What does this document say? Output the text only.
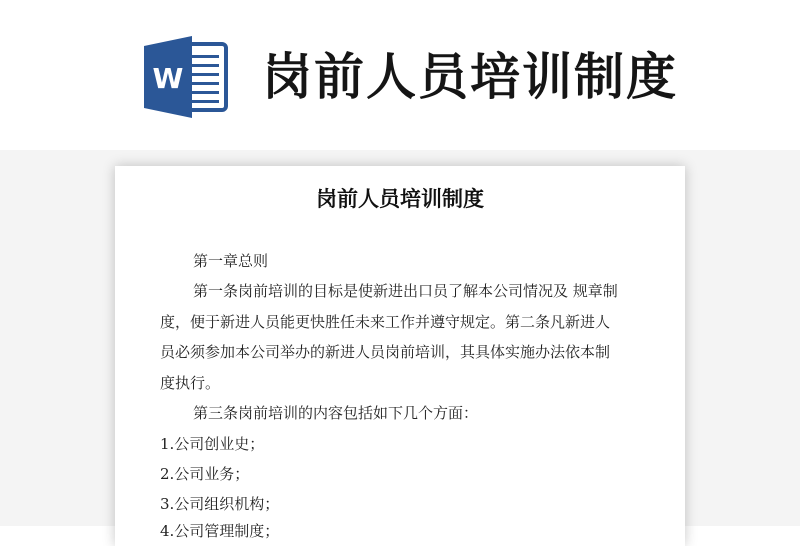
W 岗前人员培训制度
岗前人员培训制度
第一章总则
第一条岗前培训的目标是使新进出口员了解本公司情况及 规章制
度，便于新进人员能更快胜任未来工作并遵守规定。第二条凡新进人
员必须参加本公司举办的新进人员岗前培训，其具体实施办法依本制
度执行。
第三条岗前培训的内容包括如下几个方面：
1.公司创业史；
2.公司业务；
3.公司组织机构；
4.公司管理制度；
